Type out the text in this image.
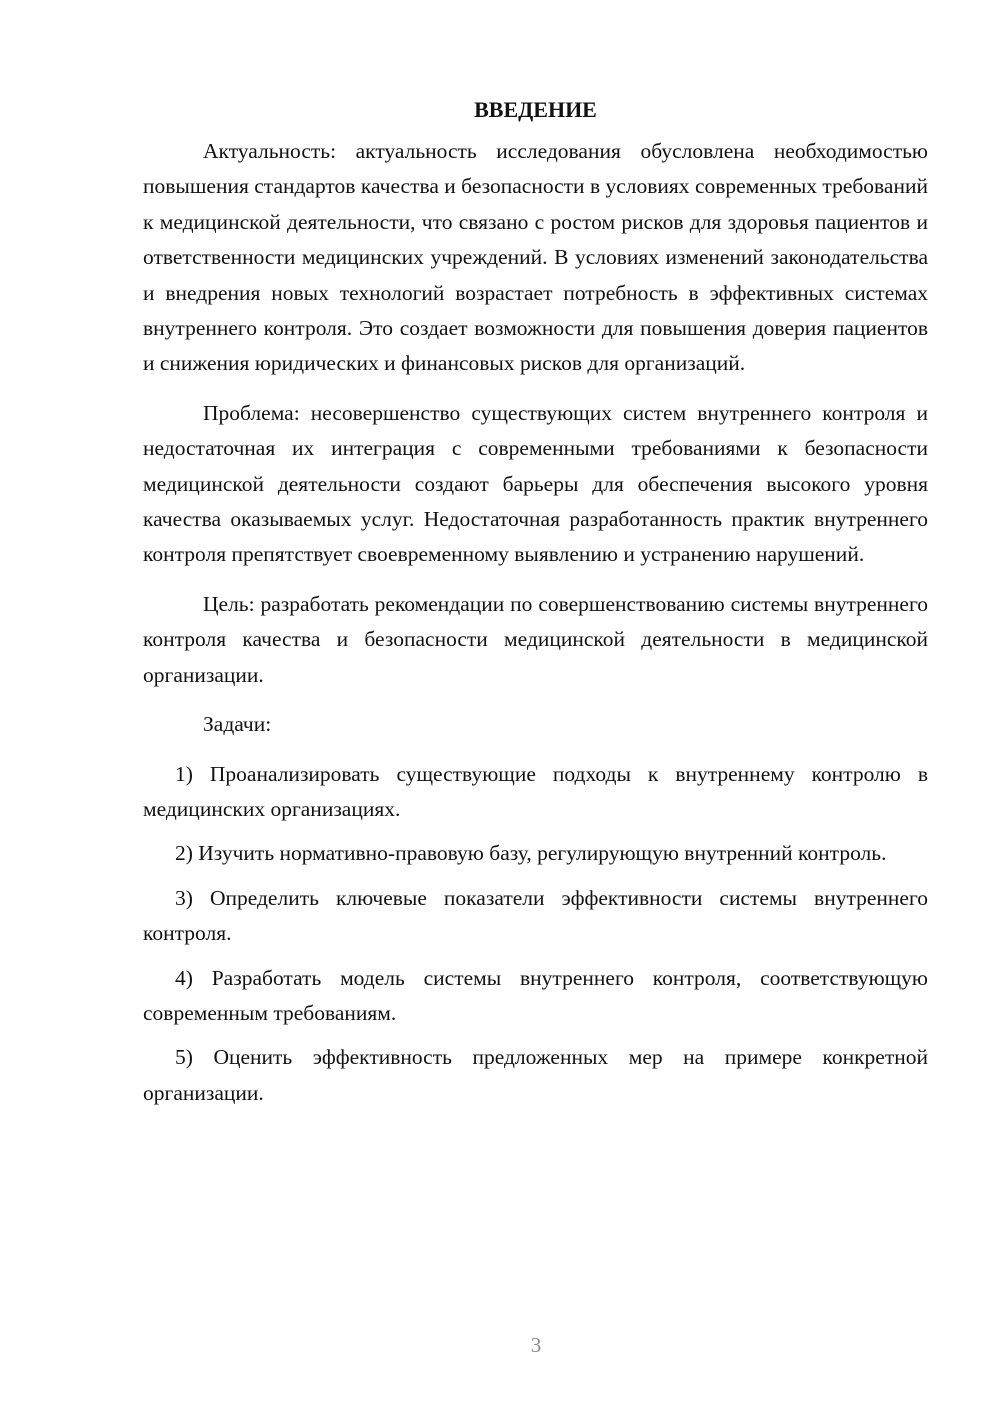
ВВЕДЕНИЕ

Актуальность: актуальность исследования обусловлена необходимостью повышения стандартов качества и безопасности в условиях современных требований к медицинской деятельности, что связано с ростом рисков для здоровья пациентов и ответственности медицинских учреждений. В условиях изменений законодательства и внедрения новых технологий возрастает потребность в эффективных системах внутреннего контроля. Это создает возможности для повышения доверия пациентов и снижения юридических и финансовых рисков для организаций.

Проблема: несовершенство существующих систем внутреннего контроля и недостаточная их интеграция с современными требованиями к безопасности медицинской деятельности создают барьеры для обеспечения высокого уровня качества оказываемых услуг. Недостаточная разработанность практик внутреннего контроля препятствует своевременному выявлению и устранению нарушений.

Цель: разработать рекомендации по совершенствованию системы внутреннего контроля качества и безопасности медицинской деятельности в медицинской организации.

Задачи:

1) Проанализировать существующие подходы к внутреннему контролю в медицинских организациях.

2) Изучить нормативно-правовую базу, регулирующую внутренний контроль.

3) Определить ключевые показатели эффективности системы внутреннего контроля.

4) Разработать модель системы внутреннего контроля, соответствующую современным требованиям.

5) Оценить эффективность предложенных мер на примере конкретной организации.

3
